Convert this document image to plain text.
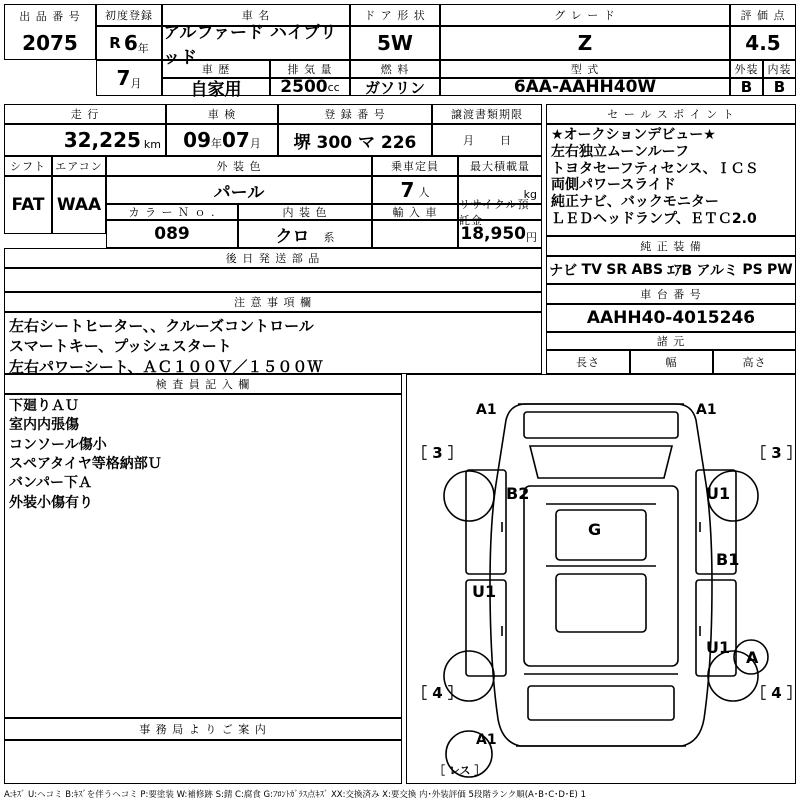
出 品 番 号
2075
初度登録
R 6 年
車 名
アルファード ハイブリッド
ド ア 形 状
5W
グ レ ー ド
Z
評 価 点
4.5
7 月
車 歴
自家用
排 気 量
2500 cc
燃 料
ガソリン
型 式
6AA-AAHH40W
外装 内装
B B
走 行
32,225 km
車 検
09 年 07 月
登 録 番 号
堺 300 マ 226
譲渡書類期限
月 日
セ ー ル ス ポ イ ン ト
★オークションデビュー★
左右独立ムーンルーフ
トヨタセーフティセンス、ＩＣＳ
両側パワースライド
純正ナビ、バックモニター
ＬＥＤヘッドランプ、ＥＴＣ2.0
シフト エアコン
FAT WAA
外 装 色
パール
カ ラ ー Ｎ ｏ .
089
内 装 色
クロ 系
乗車定員
7 人
輸 入 車
最大積載量
kg
リサイクル預託金
18,950 円
後 日 発 送 部 品
純 正 装 備
ナビ TV SR ABS ｴｱB アルミ PS PW
注 意 事 項 欄
左右シートヒーター、、クルーズコントロール
スマートキー、プッシュスタート
左右パワーシート、ＡＣ１００Ｖ／１５００Ｗ
車 台 番 号
AAHH40-4015246
諸 元
長さ	幅	高さ
検 査 員 記 入 欄
下廻りＡＵ
室内内張傷
コンソール傷小
スペアタイヤ等格納部Ｕ
バンパー下Ａ
外装小傷有り
事 務 局 よ り ご 案 内
A1	A1
［ 3 ］	［ 3 ］
B2	U1
G
B1
U1
U1
A
［ 4 ］	［ 4 ］
A1
［ レス ］
A:ｷｽﾞ U:ヘコミ B:ｷｽﾞを伴うヘコミ P:要塗装 W:補修跡 S:錆 C:腐食 G:ﾌﾛﾝﾄｶﾞﾗｽ点ｷｽﾞ XX:交換済み X:要交換 内･外装評価 5段階ランク順(A･B･C･D･E) 1
